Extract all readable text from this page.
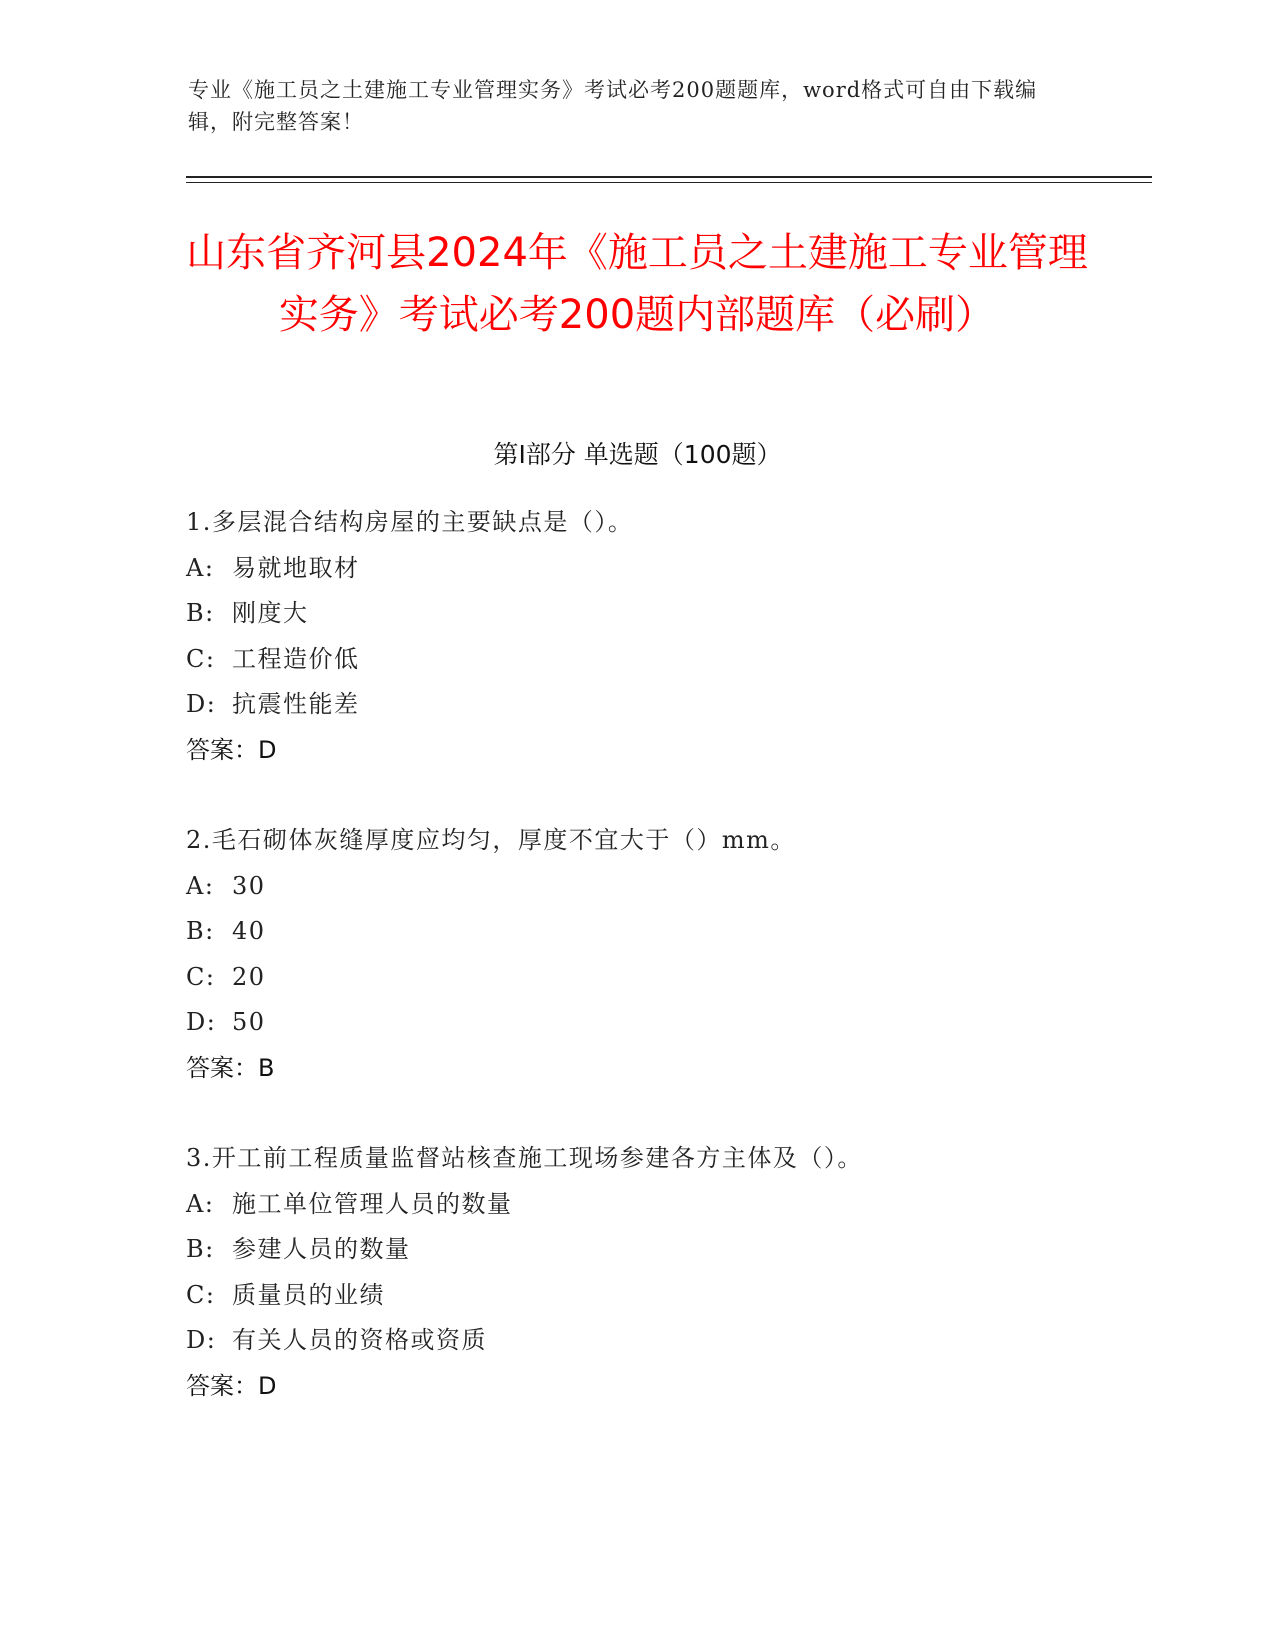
专业《施工员之土建施工专业管理实务》考试必考200题题库，word格式可自由下载编辑，附完整答案！
山东省齐河县2024年《施工员之土建施工专业管理实务》考试必考200题内部题库（必刷）
第Ⅰ部分 单选题（100题）
1.多层混合结构房屋的主要缺点是（）。
A: 易就地取材
B: 刚度大
C: 工程造价低
D: 抗震性能差
答案：D
2.毛石砌体灰缝厚度应均匀，厚度不宜大于（）mm。
A: 30
B: 40
C: 20
D: 50
答案：B
3.开工前工程质量监督站核查施工现场参建各方主体及（）。
A: 施工单位管理人员的数量
B: 参建人员的数量
C: 质量员的业绩
D: 有关人员的资格或资质
答案：D
